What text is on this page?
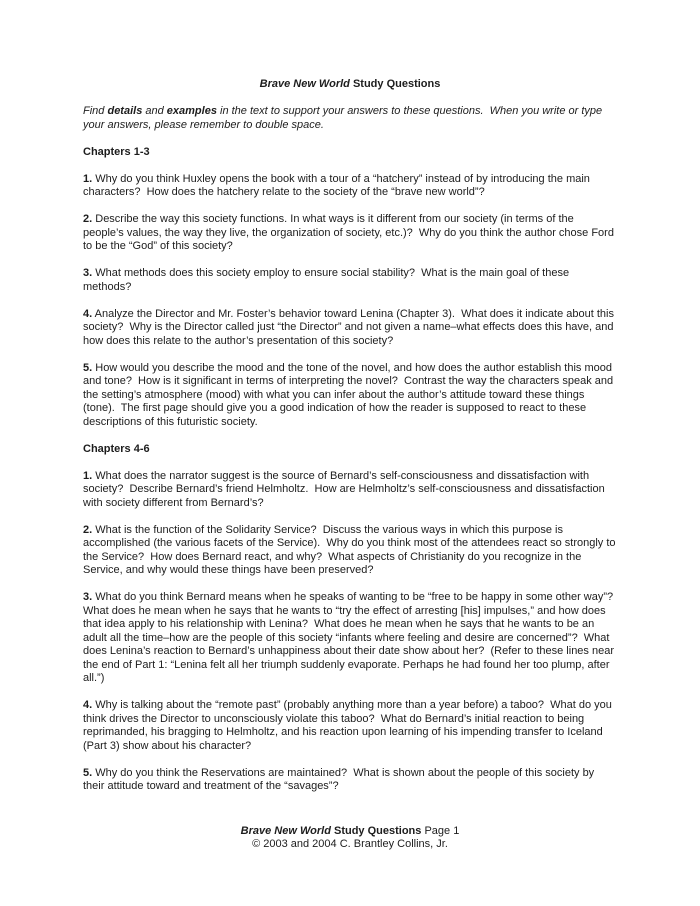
Brave New World Study Questions

Find details and examples in the text to support your answers to these questions.  When you write or type your answers, please remember to double space.

Chapters 1-3

1. Why do you think Huxley opens the book with a tour of a “hatchery” instead of by introducing the main characters?  How does the hatchery relate to the society of the “brave new world”?

2. Describe the way this society functions. In what ways is it different from our society (in terms of the people’s values, the way they live, the organization of society, etc.)?  Why do you think the author chose Ford to be the “God” of this society?

3. What methods does this society employ to ensure social stability?  What is the main goal of these methods?

4. Analyze the Director and Mr. Foster’s behavior toward Lenina (Chapter 3).  What does it indicate about this society?  Why is the Director called just “the Director” and not given a name–what effects does this have, and how does this relate to the author’s presentation of this society?

5. How would you describe the mood and the tone of the novel, and how does the author establish this mood and tone?  How is it significant in terms of interpreting the novel?  Contrast the way the characters speak and the setting’s atmosphere (mood) with what you can infer about the author’s attitude toward these things (tone).  The first page should give you a good indication of how the reader is supposed to react to these descriptions of this futuristic society.

Chapters 4-6

1. What does the narrator suggest is the source of Bernard’s self-consciousness and dissatisfaction with society?  Describe Bernard’s friend Helmholtz.  How are Helmholtz’s self-consciousness and dissatisfaction with society different from Bernard’s?

2. What is the function of the Solidarity Service?  Discuss the various ways in which this purpose is accomplished (the various facets of the Service).  Why do you think most of the attendees react so strongly to the Service?  How does Bernard react, and why?  What aspects of Christianity do you recognize in the Service, and why would these things have been preserved?

3. What do you think Bernard means when he speaks of wanting to be “free to be happy in some other way”?  What does he mean when he says that he wants to “try the effect of arresting [his] impulses,” and how does that idea apply to his relationship with Lenina?  What does he mean when he says that he wants to be an adult all the time–how are the people of this society “infants where feeling and desire are concerned”?  What does Lenina’s reaction to Bernard’s unhappiness about their date show about her?  (Refer to these lines near the end of Part 1: “Lenina felt all her triumph suddenly evaporate. Perhaps he had found her too plump, after all.”)

4. Why is talking about the “remote past” (probably anything more than a year before) a taboo?  What do you think drives the Director to unconsciously violate this taboo?  What do Bernard’s initial reaction to being reprimanded, his bragging to Helmholtz, and his reaction upon learning of his impending transfer to Iceland (Part 3) show about his character?

5. Why do you think the Reservations are maintained?  What is shown about the people of this society by their attitude toward and treatment of the “savages”?

Brave New World Study Questions Page 1

© 2003 and 2004 C. Brantley Collins, Jr.
